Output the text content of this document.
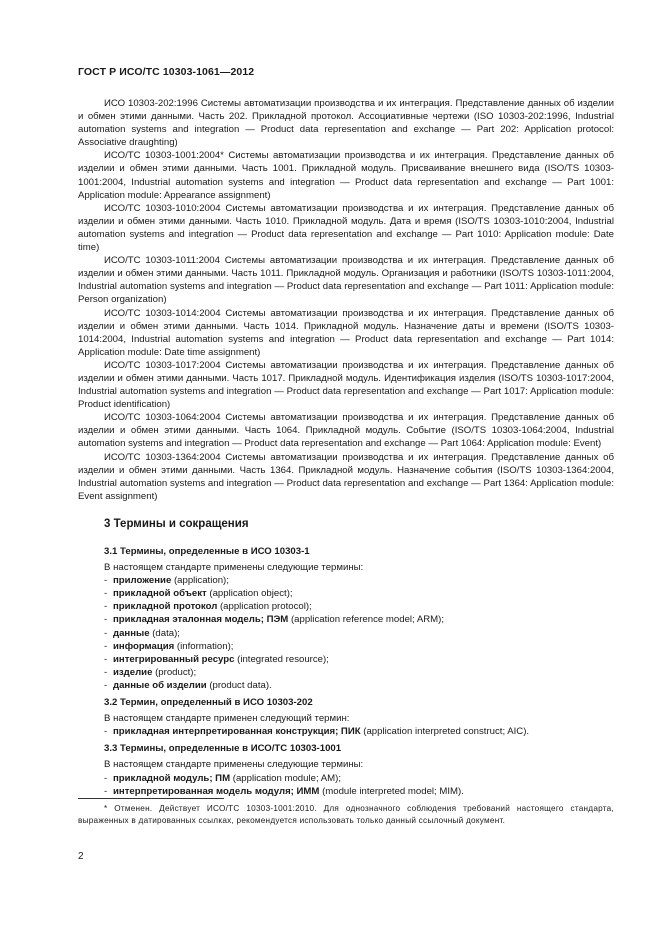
ГОСТ Р ИСО/ТС 10303-1061—2012

ИСО 10303-202:1996 Системы автоматизации производства и их интеграция. Представление данных об изделии и обмен этими данными. Часть 202. Прикладной протокол. Ассоциативные чертежи (ISO 10303-202:1996, Industrial automation systems and integration — Product data representation and exchange — Part 202: Application protocol: Associative draughting)

ИСО/ТС 10303-1001:2004* Системы автоматизации производства и их интеграция. Представление данных об изделии и обмен этими данными. Часть 1001. Прикладной модуль. Присваивание внешнего вида (ISO/TS 10303-1001:2004, Industrial automation systems and integration — Product data representation and exchange — Part 1001: Application module: Appearance assignment)

ИСО/ТС 10303-1010:2004 Системы автоматизации производства и их интеграция. Представление данных об изделии и обмен этими данными. Часть 1010. Прикладной модуль. Дата и время (ISO/TS 10303-1010:2004, Industrial automation systems and integration — Product data representation and exchange — Part 1010: Application module: Date time)

ИСО/ТС 10303-1011:2004 Системы автоматизации производства и их интеграция. Представление данных об изделии и обмен этими данными. Часть 1011. Прикладной модуль. Организация и работники (ISO/TS 10303-1011:2004, Industrial automation systems and integration — Product data representation and exchange — Part 1011: Application module: Person organization)

ИСО/ТС 10303-1014:2004 Системы автоматизации производства и их интеграция. Представление данных об изделии и обмен этими данными. Часть 1014. Прикладной модуль. Назначение даты и времени (ISO/TS 10303-1014:2004, Industrial automation systems and integration — Product data representation and exchange — Part 1014: Application module: Date time assignment)

ИСО/ТС 10303-1017:2004 Системы автоматизации производства и их интеграция. Представление данных об изделии и обмен этими данными. Часть 1017. Прикладной модуль. Идентификация изделия (ISO/TS 10303-1017:2004, Industrial automation systems and integration — Product data representation and exchange — Part 1017: Application module: Product identification)

ИСО/ТС 10303-1064:2004 Системы автоматизации производства и их интеграция. Представление данных об изделии и обмен этими данными. Часть 1064. Прикладной модуль. Событие (ISO/TS 10303-1064:2004, Industrial automation systems and integration — Product data representation and exchange — Part 1064: Application module: Event)

ИСО/ТС 10303-1364:2004 Системы автоматизации производства и их интеграция. Представление данных об изделии и обмен этими данными. Часть 1364. Прикладной модуль. Назначение события (ISO/TS 10303-1364:2004, Industrial automation systems and integration — Product data representation and exchange — Part 1364: Application module: Event assignment)

3 Термины и сокращения

3.1 Термины, определенные в ИСО 10303-1

В настоящем стандарте применены следующие термины:

- приложение (application);
- прикладной объект (application object);
- прикладной протокол (application protocol);
- прикладная эталонная модель; ПЭМ (application reference model; ARM);
- данные (data);
- информация (information);
- интегрированный ресурс (integrated resource);
- изделие (product);
- данные об изделии (product data).

3.2 Термин, определенный в ИСО 10303-202

В настоящем стандарте применен следующий термин:

- прикладная интерпретированная конструкция; ПИК (application interpreted construct; AIC).

3.3 Термины, определенные в ИСО/ТС 10303-1001

В настоящем стандарте применены следующие термины:

- прикладной модуль; ПМ (application module; AM);
- интерпретированная модель модуля; ИММ (module interpreted model; MIM).

* Отменен. Действует ИСО/ТС 10303-1001:2010. Для однозначного соблюдения требований настоящего стандарта, выраженных в датированных ссылках, рекомендуется использовать только данный ссылочный документ.

2
